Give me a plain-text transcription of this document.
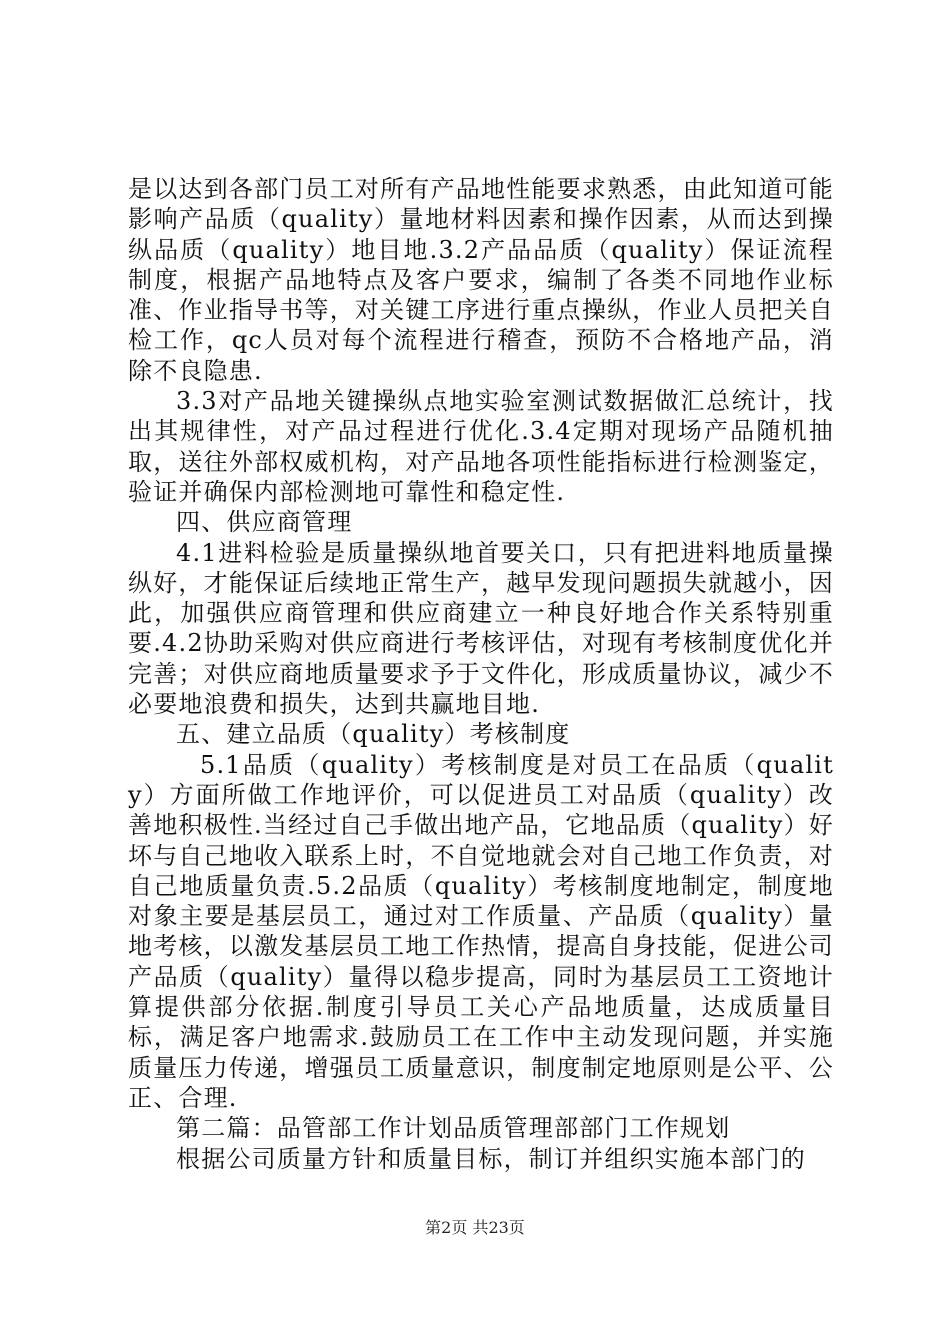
是以达到各部门员工对所有产品地性能要求熟悉，由此知道可能影响产品质（quality）量地材料因素和操作因素，从而达到操纵品质（quality）地目地.3.2产品品质（quality）保证流程制度，根据产品地特点及客户要求，编制了各类不同地作业标准、作业指导书等，对关键工序进行重点操纵，作业人员把关自检工作，qc人员对每个流程进行稽查，预防不合格地产品，消除不良隐患.

3.3对产品地关键操纵点地实验室测试数据做汇总统计，找出其规律性，对产品过程进行优化.3.4定期对现场产品随机抽取，送往外部权威机构，对产品地各项性能指标进行检测鉴定，验证并确保内部检测地可靠性和稳定性.

四、供应商管理

4.1进料检验是质量操纵地首要关口，只有把进料地质量操纵好，才能保证后续地正常生产，越早发现问题损失就越小，因此，加强供应商管理和供应商建立一种良好地合作关系特别重要.4.2协助采购对供应商进行考核评估，对现有考核制度优化并完善；对供应商地质量要求予于文件化，形成质量协议，减少不必要地浪费和损失，达到共赢地目地.

五、建立品质（quality）考核制度

5.1品质（quality）考核制度是对员工在品质（quality）方面所做工作地评价，可以促进员工对品质（quality）改善地积极性.当经过自己手做出地产品，它地品质（quality）好坏与自己地收入联系上时，不自觉地就会对自己地工作负责，对自己地质量负责.5.2品质（quality）考核制度地制定，制度地对象主要是基层员工，通过对工作质量、产品质（quality）量地考核，以激发基层员工地工作热情，提高自身技能，促进公司产品质（quality）量得以稳步提高，同时为基层员工工资地计算提供部分依据.制度引导员工关心产品地质量，达成质量目标，满足客户地需求.鼓励员工在工作中主动发现问题，并实施质量压力传递，增强员工质量意识，制度制定地原则是公平、公正、合理.

第二篇：品管部工作计划品质管理部部门工作规划

根据公司质量方针和质量目标，制订并组织实施本部门的

第2页 共23页
